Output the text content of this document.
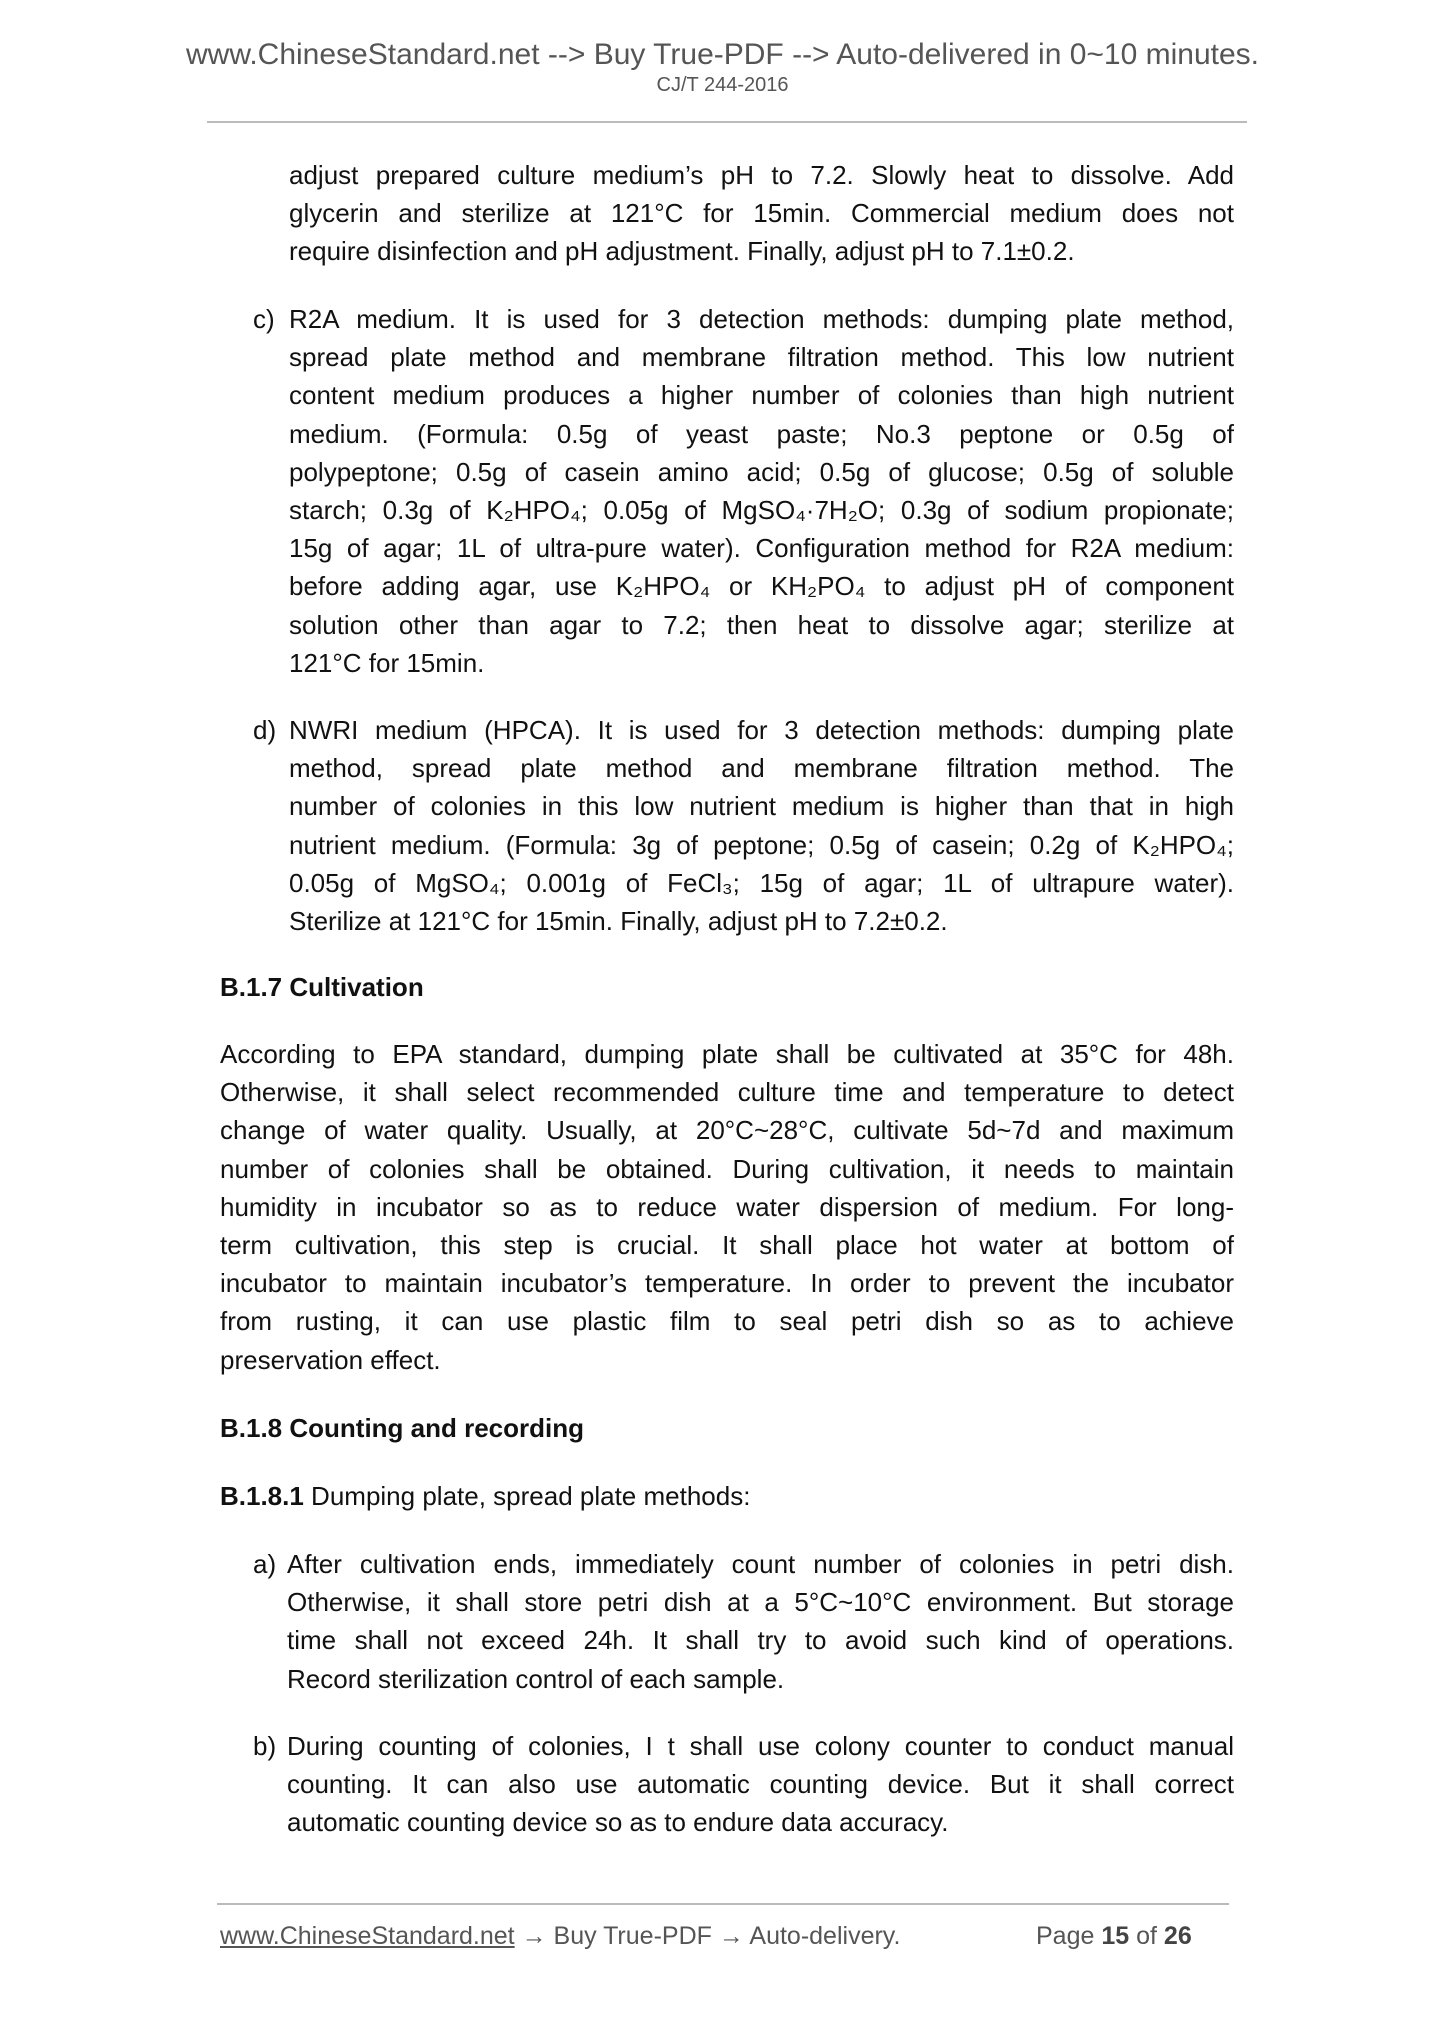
www.ChineseStandard.net --> Buy True-PDF --> Auto-delivered in 0~10 minutes.
CJ/T 244-2016
adjust prepared culture medium’s pH to 7.2. Slowly heat to dissolve. Add
glycerin and sterilize at 121°C for 15min. Commercial medium does not
require disinfection and pH adjustment. Finally, adjust pH to 7.1±0.2.
c) R2A medium. It is used for 3 detection methods: dumping plate method,
spread plate method and membrane filtration method. This low nutrient
content medium produces a higher number of colonies than high nutrient
medium. (Formula: 0.5g of yeast paste; No.3 peptone or 0.5g of
polypeptone; 0.5g of casein amino acid; 0.5g of glucose; 0.5g of soluble
starch; 0.3g of K₂HPO₄; 0.05g of MgSO₄·7H₂O; 0.3g of sodium propionate;
15g of agar; 1L of ultra-pure water). Configuration method for R2A medium:
before adding agar, use K₂HPO₄ or KH₂PO₄ to adjust pH of component
solution other than agar to 7.2; then heat to dissolve agar; sterilize at
121°C for 15min.
d) NWRI medium (HPCA). It is used for 3 detection methods: dumping plate
method, spread plate method and membrane filtration method. The
number of colonies in this low nutrient medium is higher than that in high
nutrient medium. (Formula: 3g of peptone; 0.5g of casein; 0.2g of K₂HPO₄;
0.05g of MgSO₄; 0.001g of FeCl₃; 15g of agar; 1L of ultrapure water).
Sterilize at 121°C for 15min. Finally, adjust pH to 7.2±0.2.
According to EPA standard, dumping plate shall be cultivated at 35°C for 48h.
Otherwise, it shall select recommended culture time and temperature to detect
change of water quality. Usually, at 20°C~28°C, cultivate 5d~7d and maximum
number of colonies shall be obtained. During cultivation, it needs to maintain
humidity in incubator so as to reduce water dispersion of medium. For long-
term cultivation, this step is crucial. It shall place hot water at bottom of
incubator to maintain incubator’s temperature. In order to prevent the incubator
from rusting, it can use plastic film to seal petri dish so as to achieve
preservation effect.
a) After cultivation ends, immediately count number of colonies in petri dish.
Otherwise, it shall store petri dish at a 5°C~10°C environment. But storage
time shall not exceed 24h. It shall try to avoid such kind of operations.
Record sterilization control of each sample.
b) During counting of colonies, I t shall use colony counter to conduct manual
counting. It can also use automatic counting device. But it shall correct
automatic counting device so as to endure data accuracy.
B.1.7 Cultivation
B.1.8 Counting and recording
B.1.8.1 Dumping plate, spread plate methods:
www.ChineseStandard.net → Buy True-PDF → Auto-delivery.	Page 15 of 26
